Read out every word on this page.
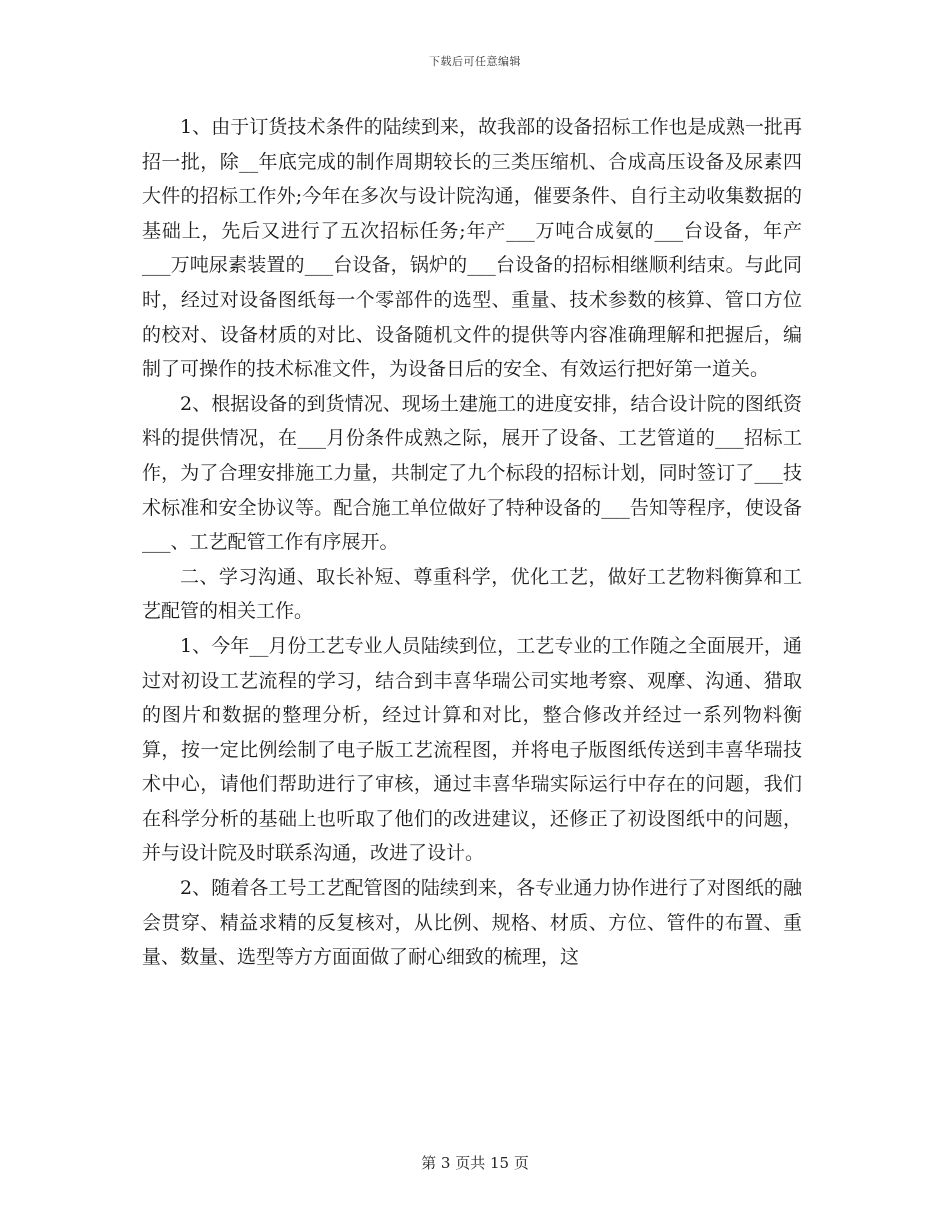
下载后可任意编辑

1、由于订货技术条件的陆续到来，故我部的设备招标工作也是成熟一批再招一批，除__年底完成的制作周期较长的三类压缩机、合成高压设备及尿素四大件的招标工作外;今年在多次与设计院沟通，催要条件、自行主动收集数据的基础上，先后又进行了五次招标任务;年产___万吨合成氨的___台设备，年产___万吨尿素装置的___台设备，锅炉的___台设备的招标相继顺利结束。与此同时，经过对设备图纸每一个零部件的选型、重量、技术参数的核算、管口方位的校对、设备材质的对比、设备随机文件的提供等内容准确理解和把握后，编制了可操作的技术标准文件，为设备日后的安全、有效运行把好第一道关。

2、根据设备的到货情况、现场土建施工的进度安排，结合设计院的图纸资料的提供情况，在___月份条件成熟之际，展开了设备、工艺管道的___招标工作，为了合理安排施工力量，共制定了九个标段的招标计划，同时签订了___技术标准和安全协议等。配合施工单位做好了特种设备的___告知等程序，使设备___、工艺配管工作有序展开。

二、学习沟通、取长补短、尊重科学，优化工艺，做好工艺物料衡算和工艺配管的相关工作。

1、今年__月份工艺专业人员陆续到位，工艺专业的工作随之全面展开，通过对初设工艺流程的学习，结合到丰喜华瑞公司实地考察、观摩、沟通、猎取的图片和数据的整理分析，经过计算和对比，整合修改并经过一系列物料衡算，按一定比例绘制了电子版工艺流程图，并将电子版图纸传送到丰喜华瑞技术中心，请他们帮助进行了审核，通过丰喜华瑞实际运行中存在的问题，我们在科学分析的基础上也听取了他们的改进建议，还修正了初设图纸中的问题，并与设计院及时联系沟通，改进了设计。

2、随着各工号工艺配管图的陆续到来，各专业通力协作进行了对图纸的融会贯穿、精益求精的反复核对，从比例、规格、材质、方位、管件的布置、重量、数量、选型等方方面面做了耐心细致的梳理，这

第 3 页共 15 页
